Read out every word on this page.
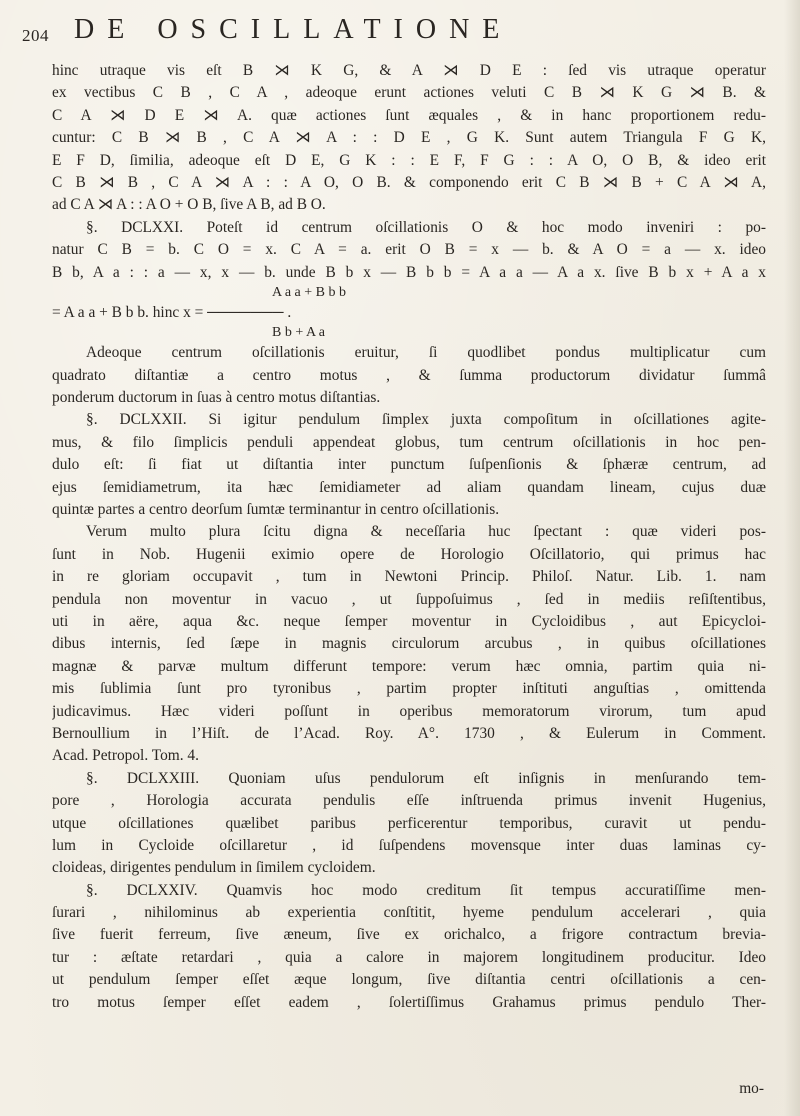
204 DE OSCILLATIONE
hinc utraque vis eſt B ⋊ K G, & A ⋊ D E : ſed vis utraque operatur
ex vectibus C B , C A , adeoque erunt actiones veluti C B ⋊ K G ⋊ B. &
C A ⋊ D E ⋊ A. quæ actiones ſunt æquales , & in hanc proportionem redu-
cuntur: C B ⋊ B , C A ⋊ A : : D E , G K. Sunt autem Triangula F G K,
E F D, ſimilia, adeoque eſt D E, G K : : E F, F G : : A O, O B, & ideo erit
C B ⋊ B , C A ⋊ A : : A O, O B. & componendo erit C B ⋊ B + C A ⋊ A,
ad C A ⋊ A : : A O + O B, ſive A B, ad B O.
§. DCLXXI. Poteſt id centrum oſcillationis O & hoc modo inveniri : po-
natur C B = b. C O = x. C A = a. erit O B = x — b. & A O = a — x. ideo
B b, A a : : a — x, x — b. unde B b x — B b b = A a a — A a x. ſive B b x + A a x
A a a + B b b
= A a a + B b b. hinc x = ─────── .
B b + A a
Adeoque centrum oſcillationis eruitur, ſi quodlibet pondus multiplicatur cum
quadrato diſtantiæ a centro motus , & ſumma productorum dividatur ſummâ
ponderum ductorum in ſuas à centro motus diſtantias.
§. DCLXXII. Si igitur pendulum ſimplex juxta compoſitum in oſcillationes agite-
mus, & filo ſimplicis penduli appendeat globus, tum centrum oſcillationis in hoc pen-
dulo eſt: ſi fiat ut diſtantia inter punctum ſuſpenſionis & ſphæræ centrum, ad
ejus ſemidiametrum, ita hæc ſemidiameter ad aliam quandam lineam, cujus duæ
quintæ partes a centro deorſum ſumtæ terminantur in centro oſcillationis.
Verum multo plura ſcitu digna & neceſſaria huc ſpectant : quæ videri pos-
ſunt in Nob. Hugenii eximio opere de Horologio Oſcillatorio, qui primus hac
in re gloriam occupavit , tum in Newtoni Princip. Philoſ. Natur. Lib. 1. nam
pendula non moventur in vacuo , ut ſuppoſuimus , ſed in mediis reſiſtentibus,
uti in aëre, aqua &c. neque ſemper moventur in Cycloidibus , aut Epicycloi-
dibus internis, ſed ſæpe in magnis circulorum arcubus , in quibus oſcillationes
magnæ & parvæ multum differunt tempore: verum hæc omnia, partim quia ni-
mis ſublimia ſunt pro tyronibus , partim propter inſtituti anguſtias , omittenda
judicavimus. Hæc videri poſſunt in operibus memoratorum virorum, tum apud
Bernoullium in l’Hiſt. de l’Acad. Roy. A°. 1730 , & Eulerum in Comment.
Acad. Petropol. Tom. 4.
§. DCLXXIII. Quoniam uſus pendulorum eſt inſignis in menſurando tem-
pore , Horologia accurata pendulis eſſe inſtruenda primus invenit Hugenius,
utque oſcillationes quælibet paribus perficerentur temporibus, curavit ut pendu-
lum in Cycloide oſcillaretur , id ſuſpendens movensque inter duas laminas cy-
cloideas, dirigentes pendulum in ſimilem cycloidem.
§. DCLXXIV. Quamvis hoc modo creditum ſit tempus accuratiſſime men-
ſurari , nihilominus ab experientia conſtitit, hyeme pendulum accelerari , quia
ſive fuerit ferreum, ſive æneum, ſive ex orichalco, a frigore contractum brevia-
tur : æſtate retardari , quia a calore in majorem longitudinem producitur. Ideo
ut pendulum ſemper eſſet æque longum, ſive diſtantia centri oſcillationis a cen-
tro motus ſemper eſſet eadem , ſolertiſſimus Grahamus primus pendulo Ther-
mo-
